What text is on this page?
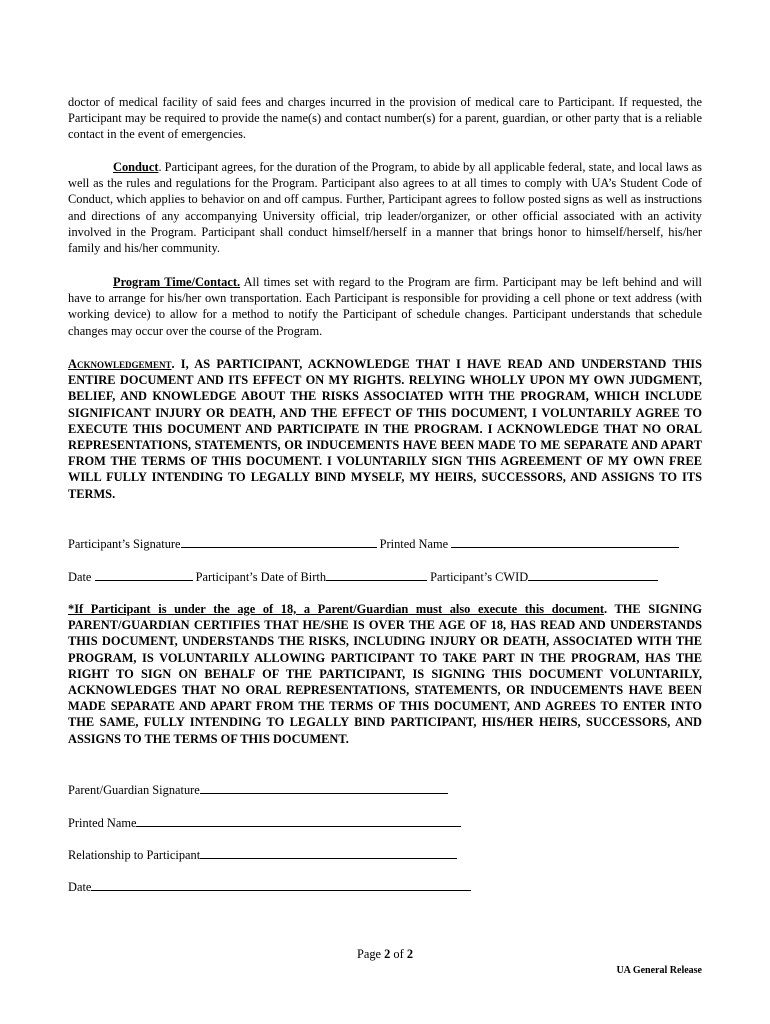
doctor of medical facility of said fees and charges incurred in the provision of medical care to Participant. If requested, the Participant may be required to provide the name(s) and contact number(s) for a parent, guardian, or other party that is a reliable contact in the event of emergencies.

Conduct. Participant agrees, for the duration of the Program, to abide by all applicable federal, state, and local laws as well as the rules and regulations for the Program. Participant also agrees to at all times to comply with UA’s Student Code of Conduct, which applies to behavior on and off campus. Further, Participant agrees to follow posted signs as well as instructions and directions of any accompanying University official, trip leader/organizer, or other official associated with an activity involved in the Program. Participant shall conduct himself/herself in a manner that brings honor to himself/herself, his/her family and his/her community.

Program Time/Contact. All times set with regard to the Program are firm. Participant may be left behind and will have to arrange for his/her own transportation. Each Participant is responsible for providing a cell phone or text address (with working device) to allow for a method to notify the Participant of schedule changes. Participant understands that schedule changes may occur over the course of the Program.

Acknowledgement. I, AS PARTICIPANT, ACKNOWLEDGE THAT I HAVE READ AND UNDERSTAND THIS ENTIRE DOCUMENT AND ITS EFFECT ON MY RIGHTS. RELYING WHOLLY UPON MY OWN JUDGMENT, BELIEF, AND KNOWLEDGE ABOUT THE RISKS ASSOCIATED WITH THE PROGRAM, WHICH INCLUDE SIGNIFICANT INJURY OR DEATH, AND THE EFFECT OF THIS DOCUMENT, I VOLUNTARILY AGREE TO EXECUTE THIS DOCUMENT AND PARTICIPATE IN THE PROGRAM. I ACKNOWLEDGE THAT NO ORAL REPRESENTATIONS, STATEMENTS, OR INDUCEMENTS HAVE BEEN MADE TO ME SEPARATE AND APART FROM THE TERMS OF THIS DOCUMENT. I VOLUNTARILY SIGN THIS AGREEMENT OF MY OWN FREE WILL FULLY INTENDING TO LEGALLY BIND MYSELF, MY HEIRS, SUCCESSORS, AND ASSIGNS TO ITS TERMS.

Participant’s Signature	Printed Name

Date	Participant’s Date of Birth	Participant’s CWID

*If Participant is under the age of 18, a Parent/Guardian must also execute this document. THE SIGNING PARENT/GUARDIAN CERTIFIES THAT HE/SHE IS OVER THE AGE OF 18, HAS READ AND UNDERSTANDS THIS DOCUMENT, UNDERSTANDS THE RISKS, INCLUDING INJURY OR DEATH, ASSOCIATED WITH THE PROGRAM, IS VOLUNTARILY ALLOWING PARTICIPANT TO TAKE PART IN THE PROGRAM, HAS THE RIGHT TO SIGN ON BEHALF OF THE PARTICIPANT, IS SIGNING THIS DOCUMENT VOLUNTARILY, ACKNOWLEDGES THAT NO ORAL REPRESENTATIONS, STATEMENTS, OR INDUCEMENTS HAVE BEEN MADE SEPARATE AND APART FROM THE TERMS OF THIS DOCUMENT, AND AGREES TO ENTER INTO THE SAME, FULLY INTENDING TO LEGALLY BIND PARTICIPANT, HIS/HER HEIRS, SUCCESSORS, AND ASSIGNS TO THE TERMS OF THIS DOCUMENT.

Parent/Guardian Signature

Printed Name

Relationship to Participant

Date

Page 2 of 2
UA General Release
